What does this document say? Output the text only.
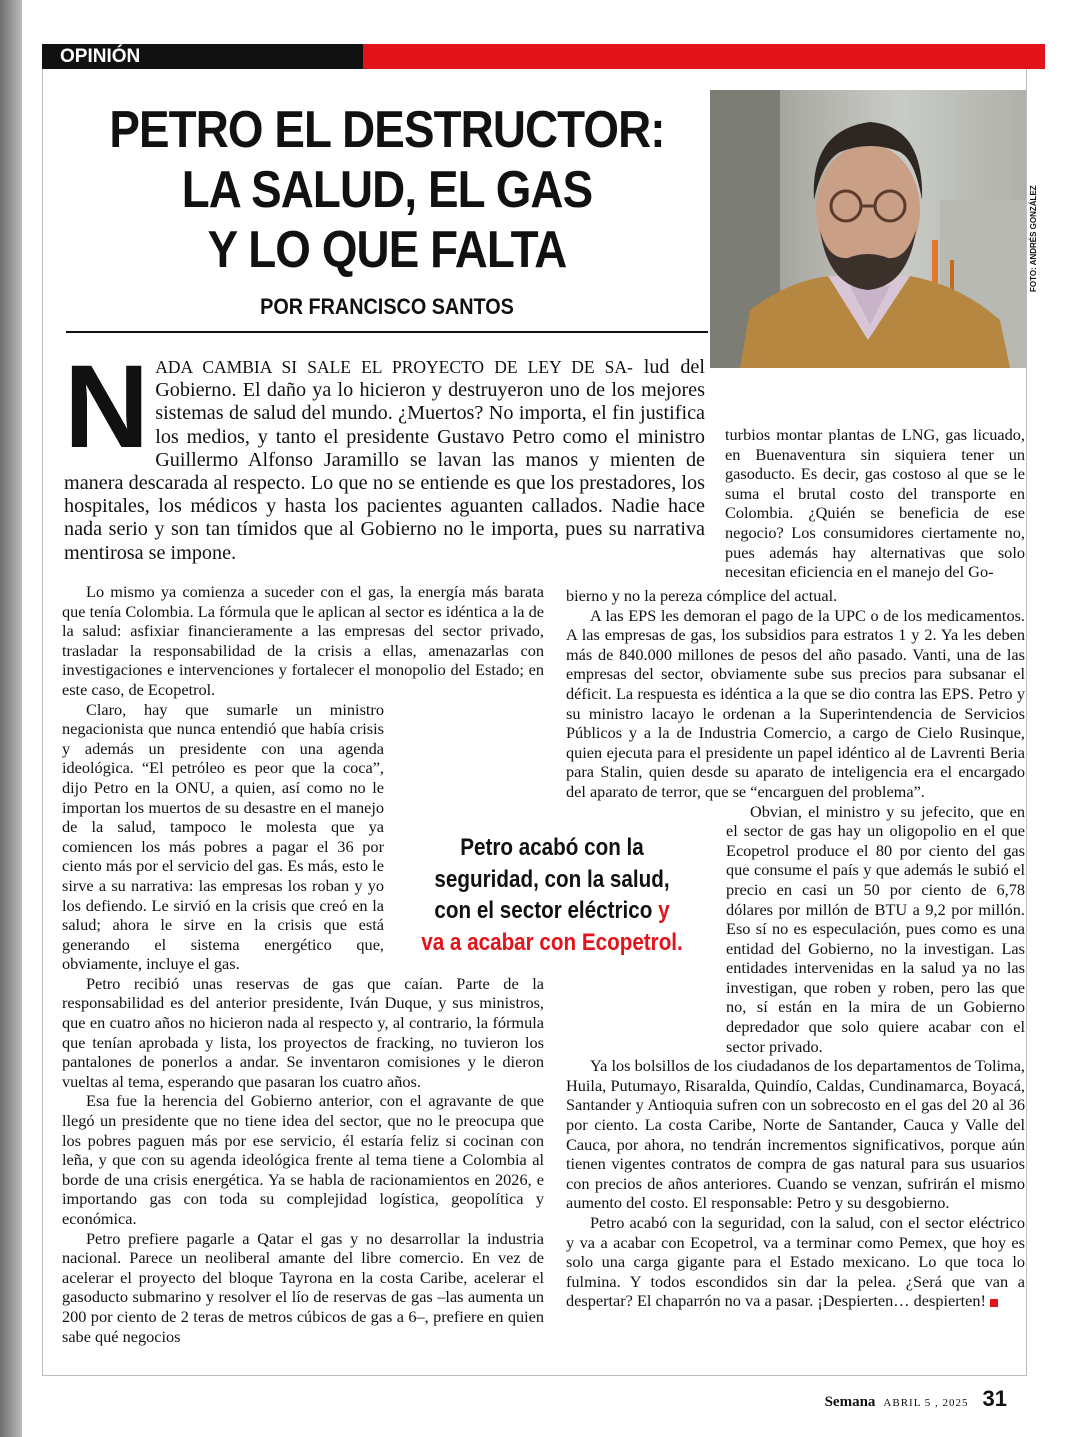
OPINIÓN
PETRO EL DESTRUCTOR:
LA SALUD, EL GAS
Y LO QUE FALTA
POR FRANCISCO SANTOS
FOTO: ANDRÉS GONZÁLEZ
N ADA CAMBIA SI SALE EL PROYECTO DE LEY DE SA- lud del Gobierno. El daño ya lo hicieron y destruyeron uno de los mejores sistemas de salud del mundo. ¿Muertos? No importa, el fin justifica los medios, y tanto el presidente Gustavo Petro como el ministro Guillermo Alfonso Jaramillo se lavan las manos y mienten de manera descarada al respecto. Lo que no se entiende es que los prestadores, los hospitales, los médicos y hasta los pacientes aguanten callados. Nadie hace nada serio y son tan tímidos que al Gobierno no le importa, pues su narrativa mentirosa se impone.

Lo mismo ya comienza a suceder con el gas, la energía más barata que tenía Colombia. La fórmula que le aplican al sector es idéntica a la de la salud: asfixiar financieramente a las empresas del sector privado, trasladar la responsabilidad de la crisis a ellas, amenazarlas con investigaciones e intervenciones y fortalecer el monopolio del Estado; en este caso, de Ecopetrol.

Claro, hay que sumarle un ministro negacionista que nunca entendió que había crisis y además un presidente con una agenda ideológica. “El petróleo es peor que la coca”, dijo Petro en la ONU, a quien, así como no le importan los muertos de su desastre en el manejo de la salud, tampoco le molesta que ya comiencen los más pobres a pagar el 36 por ciento más por el servicio del gas. Es más, esto le sirve a su narrativa: las empresas los roban y yo los defiendo. Le sirvió en la crisis que creó en la salud; ahora le sirve en la crisis que está generando el sistema energético que, obviamente, incluye el gas.

Petro recibió unas reservas de gas que caían. Parte de la responsabilidad es del anterior presidente, Iván Duque, y sus ministros, que en cuatro años no hicieron nada al respecto y, al contrario, la fórmula que tenían aprobada y lista, los proyectos de fracking, no tuvieron los pantalones de ponerlos a andar. Se inventaron comisiones y le dieron vueltas al tema, esperando que pasaran los cuatro años.

Esa fue la herencia del Gobierno anterior, con el agravante de que llegó un presidente que no tiene idea del sector, que no le preocupa que los pobres paguen más por ese servicio, él estaría feliz si cocinan con leña, y que con su agenda ideológica frente al tema tiene a Colombia al borde de una crisis energética. Ya se habla de racionamientos en 2026, e importando gas con toda su complejidad logística, geopolítica y económica.

Petro prefiere pagarle a Qatar el gas y no desarrollar la industria nacional. Parece un neoliberal amante del libre comercio. En vez de acelerar el proyecto del bloque Tayrona en la costa Caribe, acelerar el gasoducto submarino y resolver el lío de reservas de gas –las aumenta un 200 por ciento de 2 teras de metros cúbicos de gas a 6–, prefiere en quien sabe qué negocios

Petro acabó con la
seguridad, con la salud,
con el sector eléctrico y
va a acabar con Ecopetrol.
turbios montar plantas de LNG, gas licuado, en Buenaventura sin siquiera tener un gasoducto. Es decir, gas costoso al que se le suma el brutal costo del transporte en Colombia. ¿Quién se beneficia de ese negocio? Los consumidores ciertamente no, pues además hay alternativas que solo necesitan eficiencia en el manejo del Go-

bierno y no la pereza cómplice del actual.

A las EPS les demoran el pago de la UPC o de los medicamentos. A las empresas de gas, los subsidios para estratos 1 y 2. Ya les deben más de 840.000 millones de pesos del año pasado. Vanti, una de las empresas del sector, obviamente sube sus precios para subsanar el déficit. La respuesta es idéntica a la que se dio contra las EPS. Petro y su ministro lacayo le ordenan a la Superintendencia de Servicios Públicos y a la de Industria Comercio, a cargo de Cielo Rusinque, quien ejecuta para el presidente un papel idéntico al de Lavrenti Beria para Stalin, quien desde su aparato de inteligencia era el encargado del aparato de terror, que se “encarguen del problema”.

Obvian, el ministro y su jefecito, que en el sector de gas hay un oligopolio en el que Ecopetrol produce el 80 por ciento del gas que consume el país y que además le subió el precio en casi un 50 por ciento de 6,78 dólares por millón de BTU a 9,2 por millón. Eso sí no es especulación, pues como es una entidad del Gobierno, no la investigan. Las entidades intervenidas en la salud ya no las investigan, que roben y roben, pero las que no, sí están en la mira de un Gobierno depredador que solo quiere acabar con el sector privado.

Ya los bolsillos de los ciudadanos de los departamentos de Tolima, Huila, Putumayo, Risaralda, Quindío, Caldas, Cundinamarca, Boyacá, Santander y Antioquia sufren con un sobrecosto en el gas del 20 al 36 por ciento. La costa Caribe, Norte de Santander, Cauca y Valle del Cauca, por ahora, no tendrán incrementos significativos, porque aún tienen vigentes contratos de compra de gas natural para sus usuarios con precios de años anteriores. Cuando se venzan, sufrirán el mismo aumento del costo. El responsable: Petro y su desgobierno.

Petro acabó con la seguridad, con la salud, con el sector eléctrico y va a acabar con Ecopetrol, va a terminar como Pemex, que hoy es solo una carga gigante para el Estado mexicano. Lo que toca lo fulmina. Y todos escondidos sin dar la pelea. ¿Será que van a despertar? El chaparrón no va a pasar. ¡Despierten… despierten!

Semana ABRIL 5 , 2025 31
